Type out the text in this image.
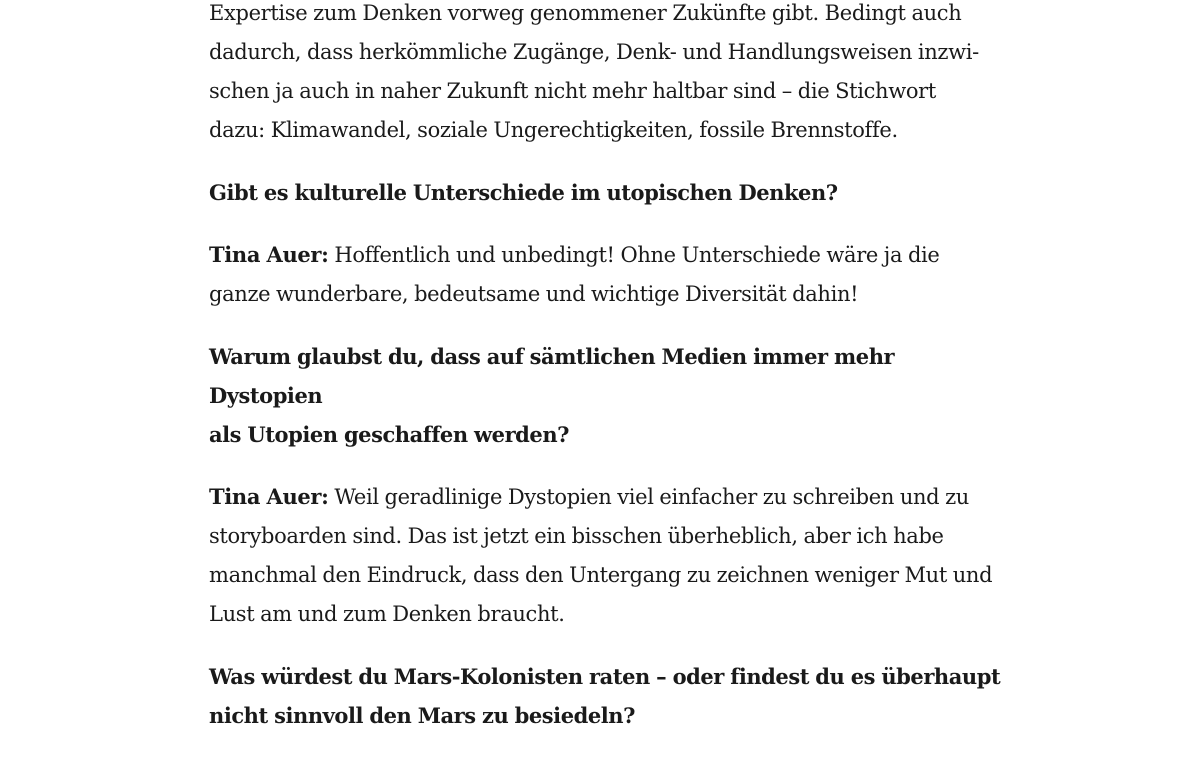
Expertise zum Denken vorweg genommener Zukünfte gibt. Bedingt auch
dadurch, dass herkömmliche Zugänge, Denk- und Handlungsweisen inzwi-
schen ja auch in naher Zukunft nicht mehr haltbar sind – die Stichwort
dazu: Klimawandel, soziale Ungerechtigkeiten, fossile Brennstoffe.

Gibt es kulturelle Unterschiede im utopischen Denken?

Tina Auer: Hoffentlich und unbedingt! Ohne Unterschiede wäre ja die
ganze wunderbare, bedeutsame und wichtige Diversität dahin!

Warum glaubst du, dass auf sämtlichen Medien immer mehr Dystopien
als Utopien geschaffen werden?

Tina Auer: Weil geradlinige Dystopien viel einfacher zu schreiben und zu
storyboarden sind. Das ist jetzt ein bisschen überheblich, aber ich habe
manchmal den Eindruck, dass den Untergang zu zeichnen weniger Mut und
Lust am und zum Denken braucht.

Was würdest du Mars-Kolonisten raten – oder findest du es überhaupt
nicht sinnvoll den Mars zu besiedeln?
